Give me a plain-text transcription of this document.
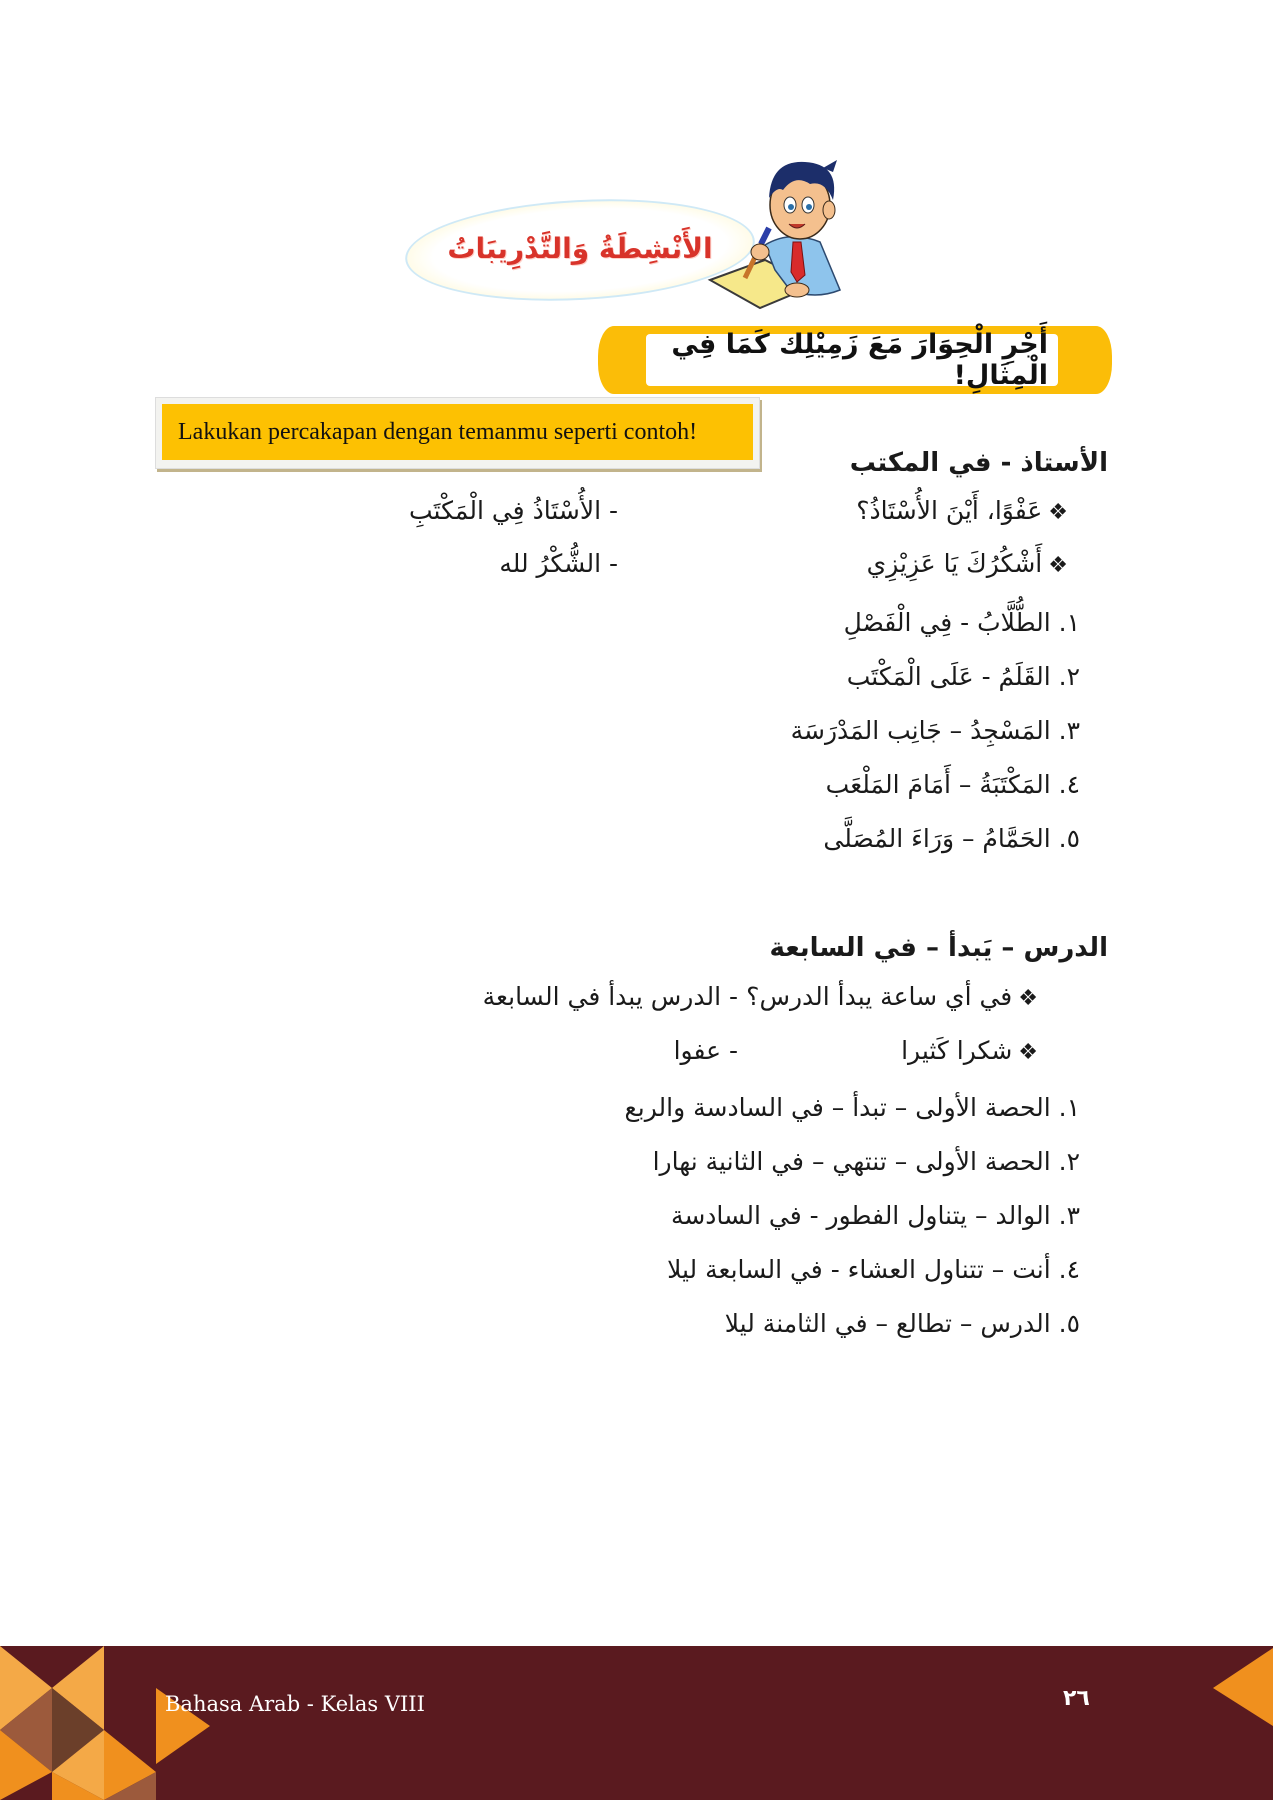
الأَنْشِطَةُ وَالتَّدْرِيبَاتُ
أَجْرِ الْحِوَارَ مَعَ زَمِيْلِك كَمَا فِي الْمِثَالِ!
Lakukan percakapan dengan temanmu seperti contoh!
الأستاذ - في المكتب
❖عَفْوًا، أَيْنَ الأُسْتَاذُ؟
- الأُسْتَاذُ فِي الْمَكْتَبِ
❖أَشْكُرُكَ يَا عَزِيْزِي
- الشُّكْرُ لله
١. الطُّلَّابُ - فِي الْفَصْلِ
٢. القَلَمُ - عَلَى الْمَكْتَب
٣. المَسْجِدُ – جَانِب المَدْرَسَة
٤. المَكْتَبَةُ – أَمَامَ المَلْعَب
٥. الحَمَّامُ – وَرَاءَ المُصَلَّى
الدرس – يَبدأ – في السابعة
❖في أي ساعة يبدأ الدرس؟
- الدرس يبدأ في السابعة
❖شكرا كَثيرا
- عفوا
١. الحصة الأولى – تبدأ – في السادسة والربع
٢. الحصة الأولى – تنتهي – في الثانية نهارا
٣. الوالد – يتناول الفطور - في السادسة
٤. أنت – تتناول العشاء - في السابعة ليلا
٥. الدرس – تطالع – في الثامنة ليلا
Bahasa Arab - Kelas VIII	٢٦
